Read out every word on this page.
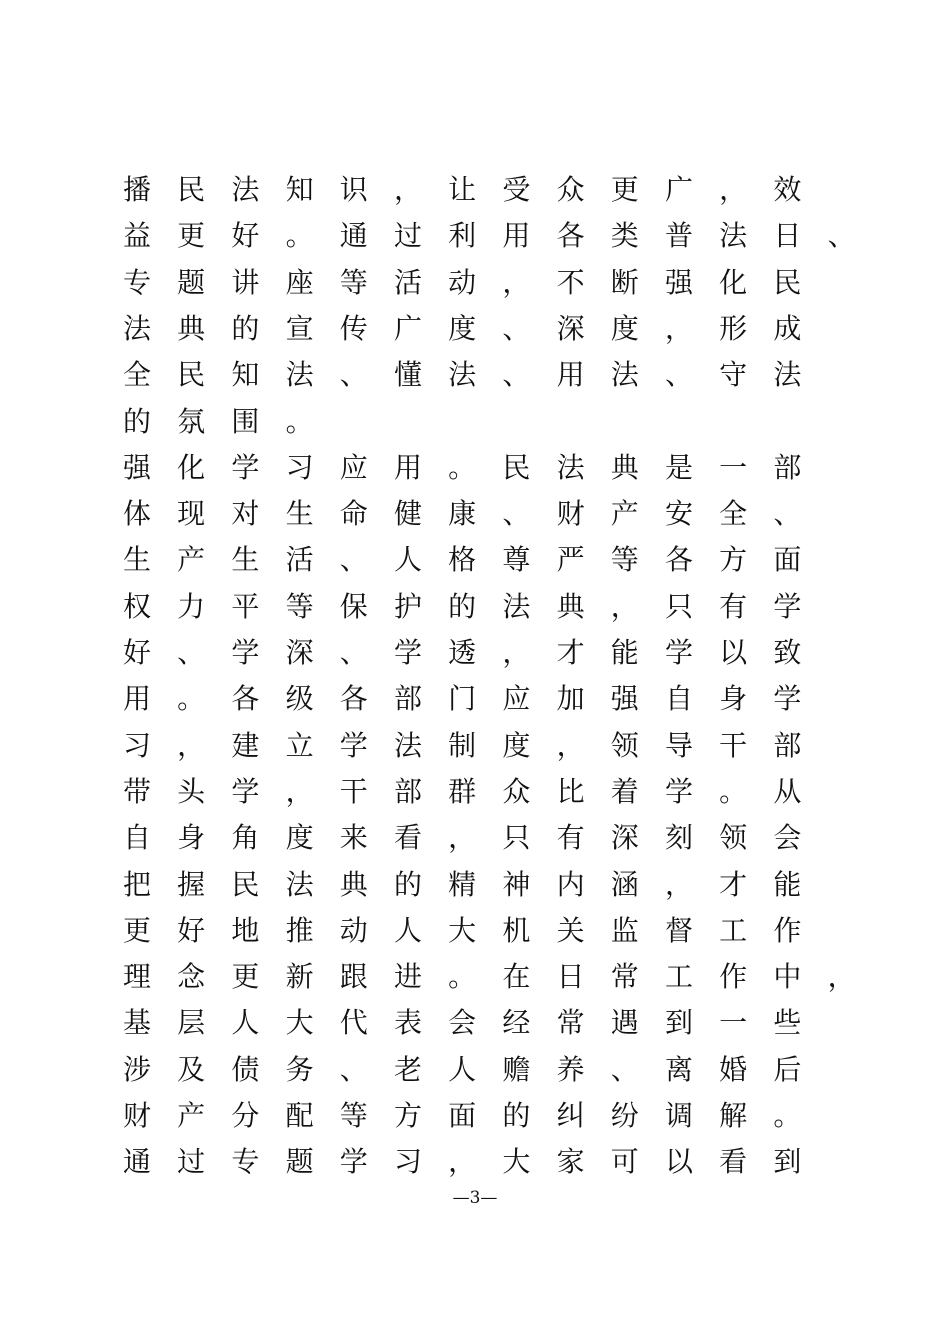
播 民 法 知 识 ， 让 受 众 更 广 ， 效
益 更 好 。 通 过 利 用 各 类 普 法 日 、
专 题 讲 座 等 活 动 ， 不 断 强 化 民
法 典 的 宣 传 广 度 、 深 度 ， 形 成
全 民 知 法 、 懂 法 、 用 法 、 守 法
的 氛 围 。
强 化 学 习 应 用 。 民 法 典 是 一 部
体 现 对 生 命 健 康 、 财 产 安 全 、
生 产 生 活 、 人 格 尊 严 等 各 方 面
权 力 平 等 保 护 的 法 典 ， 只 有 学
好 、 学 深 、 学 透 ， 才 能 学 以 致
用 。 各 级 各 部 门 应 加 强 自 身 学
习 ， 建 立 学 法 制 度 ， 领 导 干 部
带 头 学 ， 干 部 群 众 比 着 学 。 从
自 身 角 度 来 看 ， 只 有 深 刻 领 会
把 握 民 法 典 的 精 神 内 涵 ， 才 能
更 好 地 推 动 人 大 机 关 监 督 工 作
理 念 更 新 跟 进 。 在 日 常 工 作 中 ，
基 层 人 大 代 表 会 经 常 遇 到 一 些
涉 及 债 务 、 老 人 赡 养 、 离 婚 后
财 产 分 配 等 方 面 的 纠 纷 调 解 。
通 过 专 题 学 习 ， 大 家 可 以 看 到
—3—
